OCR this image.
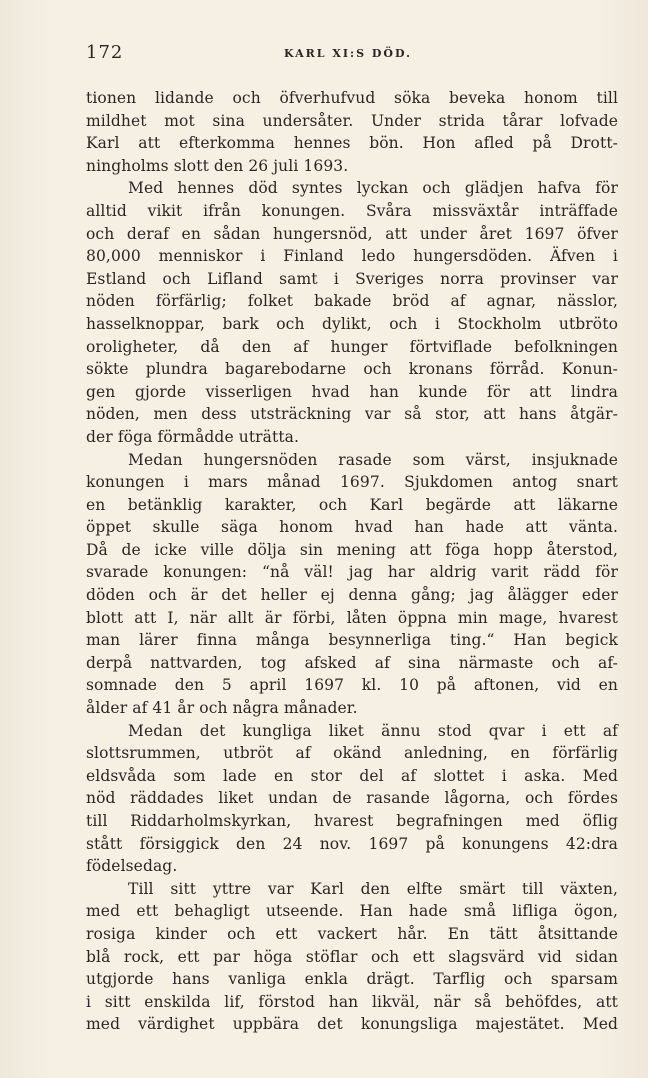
172	KARL XI:S DÖD.
tionen lidande och öfverhufvud söka beveka honom till
mildhet mot sina undersåter. Under strida tårar lofvade
Karl att efterkomma hennes bön. Hon afled på Drott-
ningholms slott den 26 juli 1693.
Med hennes död syntes lyckan och glädjen hafva för
alltid vikit ifrån konungen. Svåra missväxtår inträffade
och deraf en sådan hungersnöd, att under året 1697 öfver
80,000 menniskor i Finland ledo hungersdöden. Äfven i
Estland och Lifland samt i Sveriges norra provinser var
nöden förfärlig; folket bakade bröd af agnar, nässlor,
hasselknoppar, bark och dylikt, och i Stockholm utbröto
oroligheter, då den af hunger förtviflade befolkningen
sökte plundra bagarebodarne och kronans förråd. Konun-
gen gjorde visserligen hvad han kunde för att lindra
nöden, men dess utsträckning var så stor, att hans åtgär-
der föga förmådde uträtta.
Medan hungersnöden rasade som värst, insjuknade
konungen i mars månad 1697. Sjukdomen antog snart
en betänklig karakter, och Karl begärde att läkarne
öppet skulle säga honom hvad han hade att vänta.
Då de icke ville dölja sin mening att föga hopp återstod,
svarade konungen: “nå väl! jag har aldrig varit rädd för
döden och är det heller ej denna gång; jag ålägger eder
blott att I, när allt är förbi, låten öppna min mage, hvarest
man lärer finna många besynnerliga ting.“ Han begick
derpå nattvarden, tog afsked af sina närmaste och af-
somnade den 5 april 1697 kl. 10 på aftonen, vid en
ålder af 41 år och några månader.
Medan det kungliga liket ännu stod qvar i ett af
slottsrummen, utbröt af okänd anledning, en förfärlig
eldsvåda som lade en stor del af slottet i aska. Med
nöd räddades liket undan de rasande lågorna, och fördes
till Riddarholmskyrkan, hvarest begrafningen med öflig
stått försiggick den 24 nov. 1697 på konungens 42:dra
födelsedag.
Till sitt yttre var Karl den elfte smärt till växten,
med ett behagligt utseende. Han hade små lifliga ögon,
rosiga kinder och ett vackert hår. En tätt åtsittande
blå rock, ett par höga stöflar och ett slagsvärd vid sidan
utgjorde hans vanliga enkla drägt. Tarflig och sparsam
i sitt enskilda lif, förstod han likväl, när så behöfdes, att
med värdighet uppbära det konungsliga majestätet. Med
